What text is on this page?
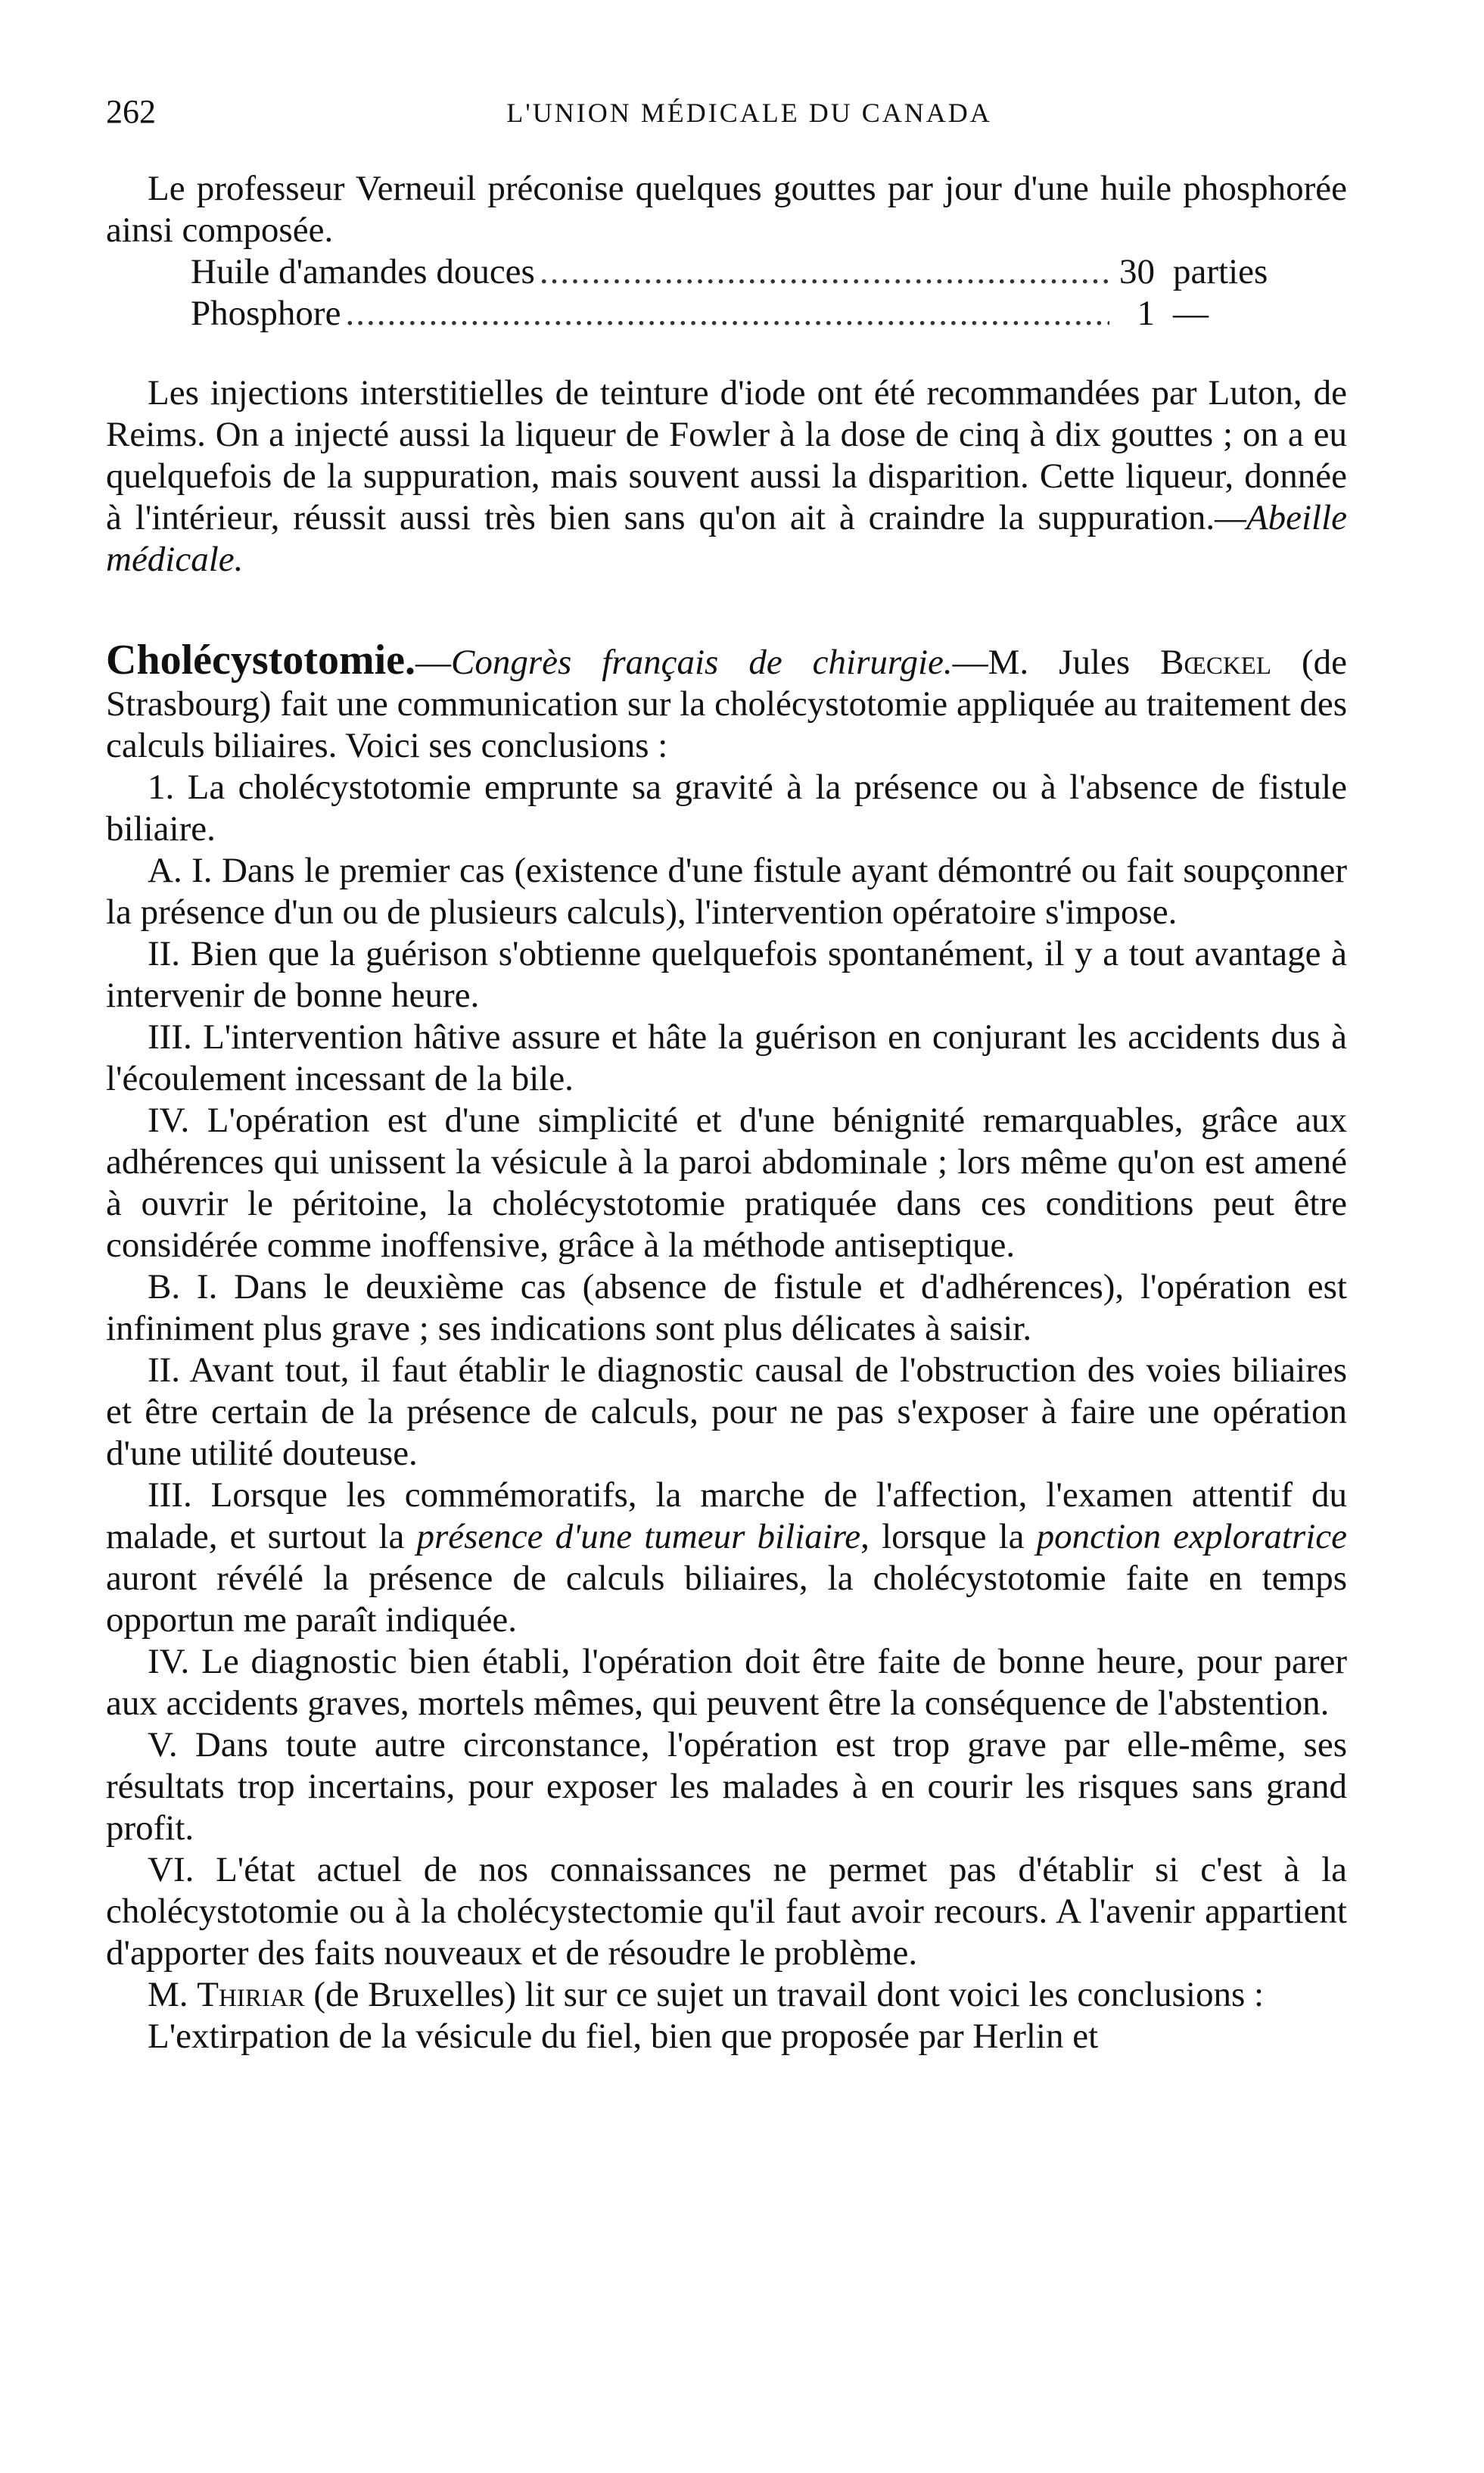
262	L'UNION MÉDICALE DU CANADA

Le professeur Verneuil préconise quelques gouttes par jour d'une huile phosphorée ainsi composée.

Huile d'amandes douces .....	30 parties
Phosphore .....	1 —

Les injections interstitielles de teinture d'iode ont été recommandées par Luton, de Reims. On a injecté aussi la liqueur de Fowler à la dose de cinq à dix gouttes ; on a eu quelquefois de la suppuration, mais souvent aussi la disparition. Cette liqueur, donnée à l'intérieur, réussit aussi très bien sans qu'on ait à craindre la suppuration.—Abeille médicale.

Cholécystotomie.—Congrès français de chirurgie.—M. Jules Bœckel (de Strasbourg) fait une communication sur la cholécystotomie appliquée au traitement des calculs biliaires. Voici ses conclusions :

1. La cholécystotomie emprunte sa gravité à la présence ou à l'absence de fistule biliaire.

A. I. Dans le premier cas (existence d'une fistule ayant démontré ou fait soupçonner la présence d'un ou de plusieurs calculs), l'intervention opératoire s'impose.

II. Bien que la guérison s'obtienne quelquefois spontanément, il y a tout avantage à intervenir de bonne heure.

III. L'intervention hâtive assure et hâte la guérison en conjurant les accidents dus à l'écoulement incessant de la bile.

IV. L'opération est d'une simplicité et d'une bénignité remarquables, grâce aux adhérences qui unissent la vésicule à la paroi abdominale ; lors même qu'on est amené à ouvrir le péritoine, la cholécystotomie pratiquée dans ces conditions peut être considérée comme inoffensive, grâce à la méthode antiseptique.

B. I. Dans le deuxième cas (absence de fistule et d'adhérences), l'opération est infiniment plus grave ; ses indications sont plus délicates à saisir.

II. Avant tout, il faut établir le diagnostic causal de l'obstruction des voies biliaires et être certain de la présence de calculs, pour ne pas s'exposer à faire une opération d'une utilité douteuse.

III. Lorsque les commémoratifs, la marche de l'affection, l'examen attentif du malade, et surtout la présence d'une tumeur biliaire, lorsque la ponction exploratrice auront révélé la présence de calculs biliaires, la cholécystotomie faite en temps opportun me paraît indiquée.

IV. Le diagnostic bien établi, l'opération doit être faite de bonne heure, pour parer aux accidents graves, mortels mêmes, qui peuvent être la conséquence de l'abstention.

V. Dans toute autre circonstance, l'opération est trop grave par elle-même, ses résultats trop incertains, pour exposer les malades à en courir les risques sans grand profit.

VI. L'état actuel de nos connaissances ne permet pas d'établir si c'est à la cholécystotomie ou à la cholécystectomie qu'il faut avoir recours. A l'avenir appartient d'apporter des faits nouveaux et de résoudre le problème.

M. Thiriar (de Bruxelles) lit sur ce sujet un travail dont voici les conclusions :

L'extirpation de la vésicule du fiel, bien que proposée par Herlin et
